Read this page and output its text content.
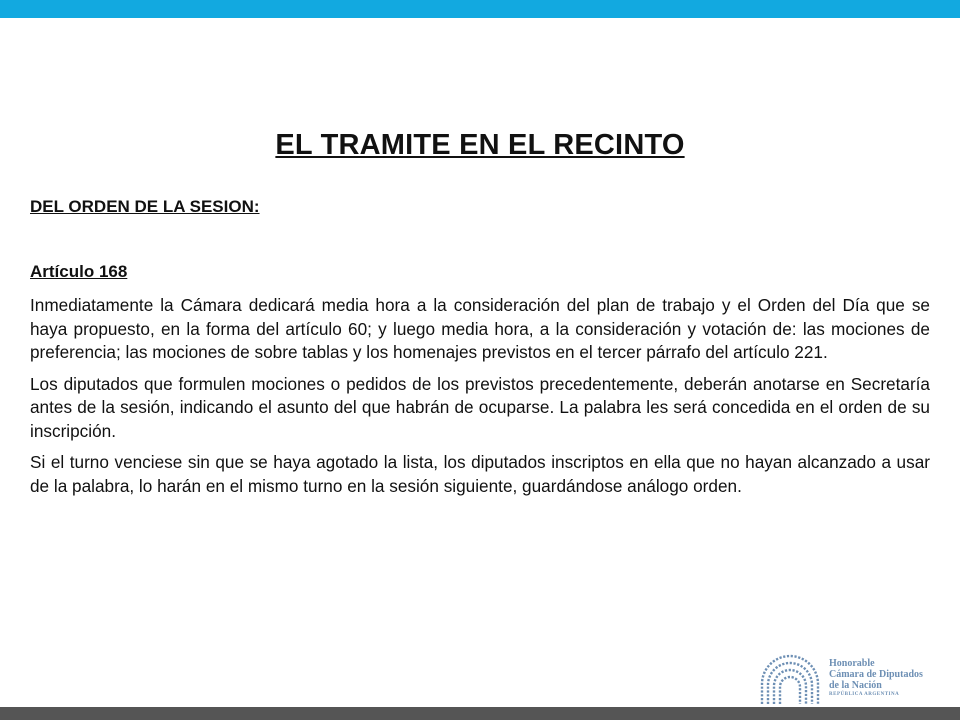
EL TRAMITE EN EL RECINTO
DEL ORDEN DE LA SESION:
Artículo 168

Inmediatamente la Cámara dedicará media hora a la consideración del plan de trabajo y el Orden del Día que se haya propuesto, en la forma del artículo 60; y luego media hora, a la consideración y votación de: las mociones de preferencia; las mociones de sobre tablas y los homenajes previstos en el tercer párrafo del artículo 221.

Los diputados que formulen mociones o pedidos de los previstos precedentemente, deberán anotarse en Secretaría antes de la sesión, indicando el asunto del que habrán de ocuparse. La palabra les será concedida en el orden de su inscripción.

Si el turno venciese sin que se haya agotado la lista, los diputados inscriptos en ella que no hayan alcanzado a usar de la palabra, lo harán en el mismo turno en la sesión siguiente, guardándose análogo orden.

Honorable
Cámara de Diputados
de la Nación
REPÚBLICA ARGENTINA
